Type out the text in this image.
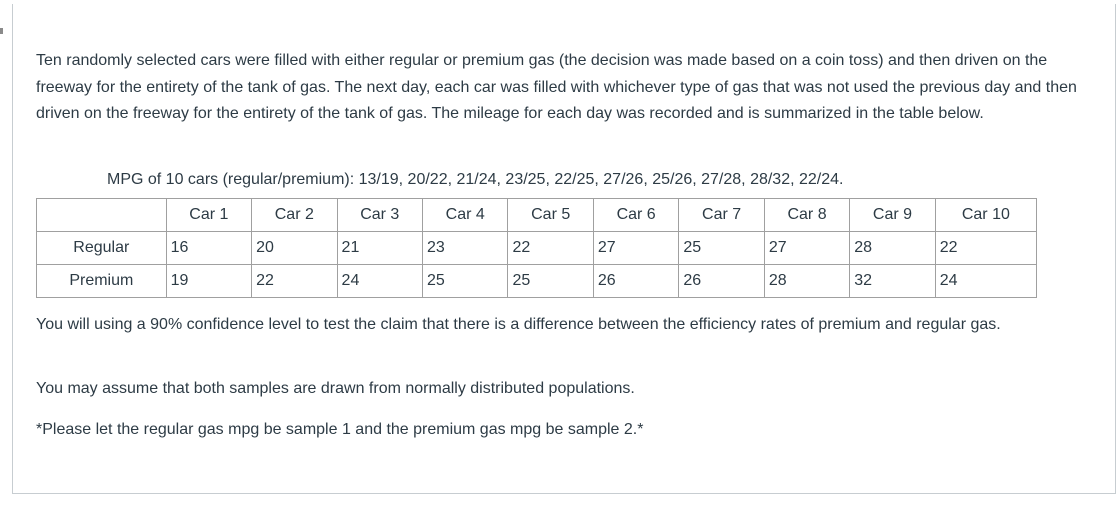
Ten randomly selected cars were filled with either regular or premium gas (the decision was made based on a coin toss) and then driven on the freeway for the entirety of the tank of gas. The next day, each car was filled with whichever type of gas that was not used the previous day and then driven on the freeway for the entirety of the tank of gas. The mileage for each day was recorded and is summarized in the table below.

MPG of 10 cars (regular/premium): 13/19, 20/22, 21/24, 23/25, 22/25, 27/26, 25/26, 27/28, 28/32, 22/24.

	Car 1	Car 2	Car 3	Car 4	Car 5	Car 6	Car 7	Car 8	Car 9	Car 10
Regular	16	20	21	23	22	27	25	27	28	22
Premium	19	22	24	25	25	26	26	28	32	24

You will using a 90% confidence level to test the claim that there is a difference between the efficiency rates of premium and regular gas.

You may assume that both samples are drawn from normally distributed populations.

*Please let the regular gas mpg be sample 1 and the premium gas mpg be sample 2.*
